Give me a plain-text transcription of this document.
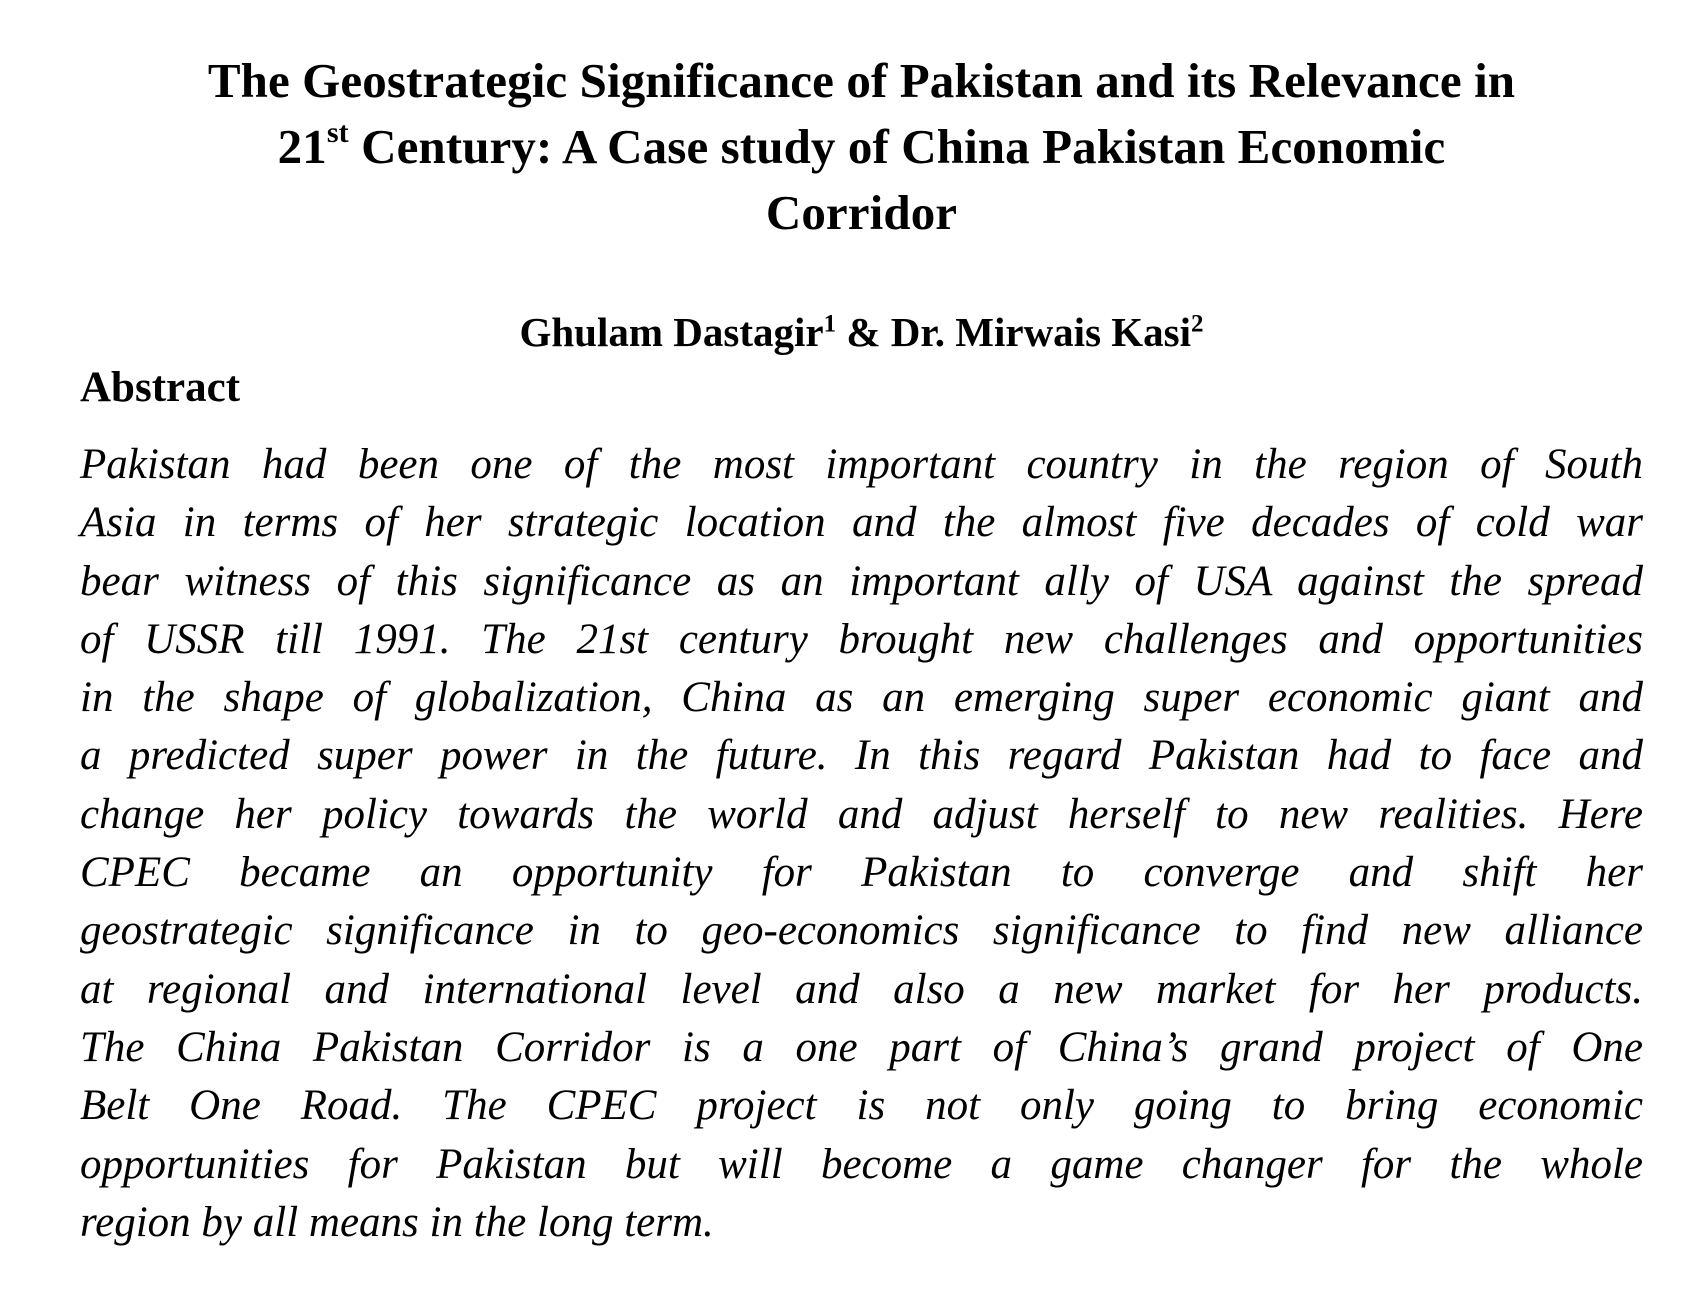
The Geostrategic Significance of Pakistan and its Relevance in
21st Century: A Case study of China Pakistan Economic
Corridor
Ghulam Dastagir$^1$ & Dr. Mirwais Kasi$^2$
Abstract
Pakistan had been one of the most important country in the region of South
Asia in terms of her strategic location and the almost five decades of cold war
bear witness of this significance as an important ally of USA against the spread
of USSR till 1991. The 21st century brought new challenges and opportunities
in the shape of globalization, China as an emerging super economic giant and
a predicted super power in the future. In this regard Pakistan had to face and
change her policy towards the world and adjust herself to new realities. Here
CPEC became an opportunity for Pakistan to converge and shift her
geostrategic significance in to geo-economics significance to find new alliance
at regional and international level and also a new market for her products.
The China Pakistan Corridor is a one part of China’s grand project of One
Belt One Road. The CPEC project is not only going to bring economic
opportunities for Pakistan but will become a game changer for the whole
region by all means in the long term.
